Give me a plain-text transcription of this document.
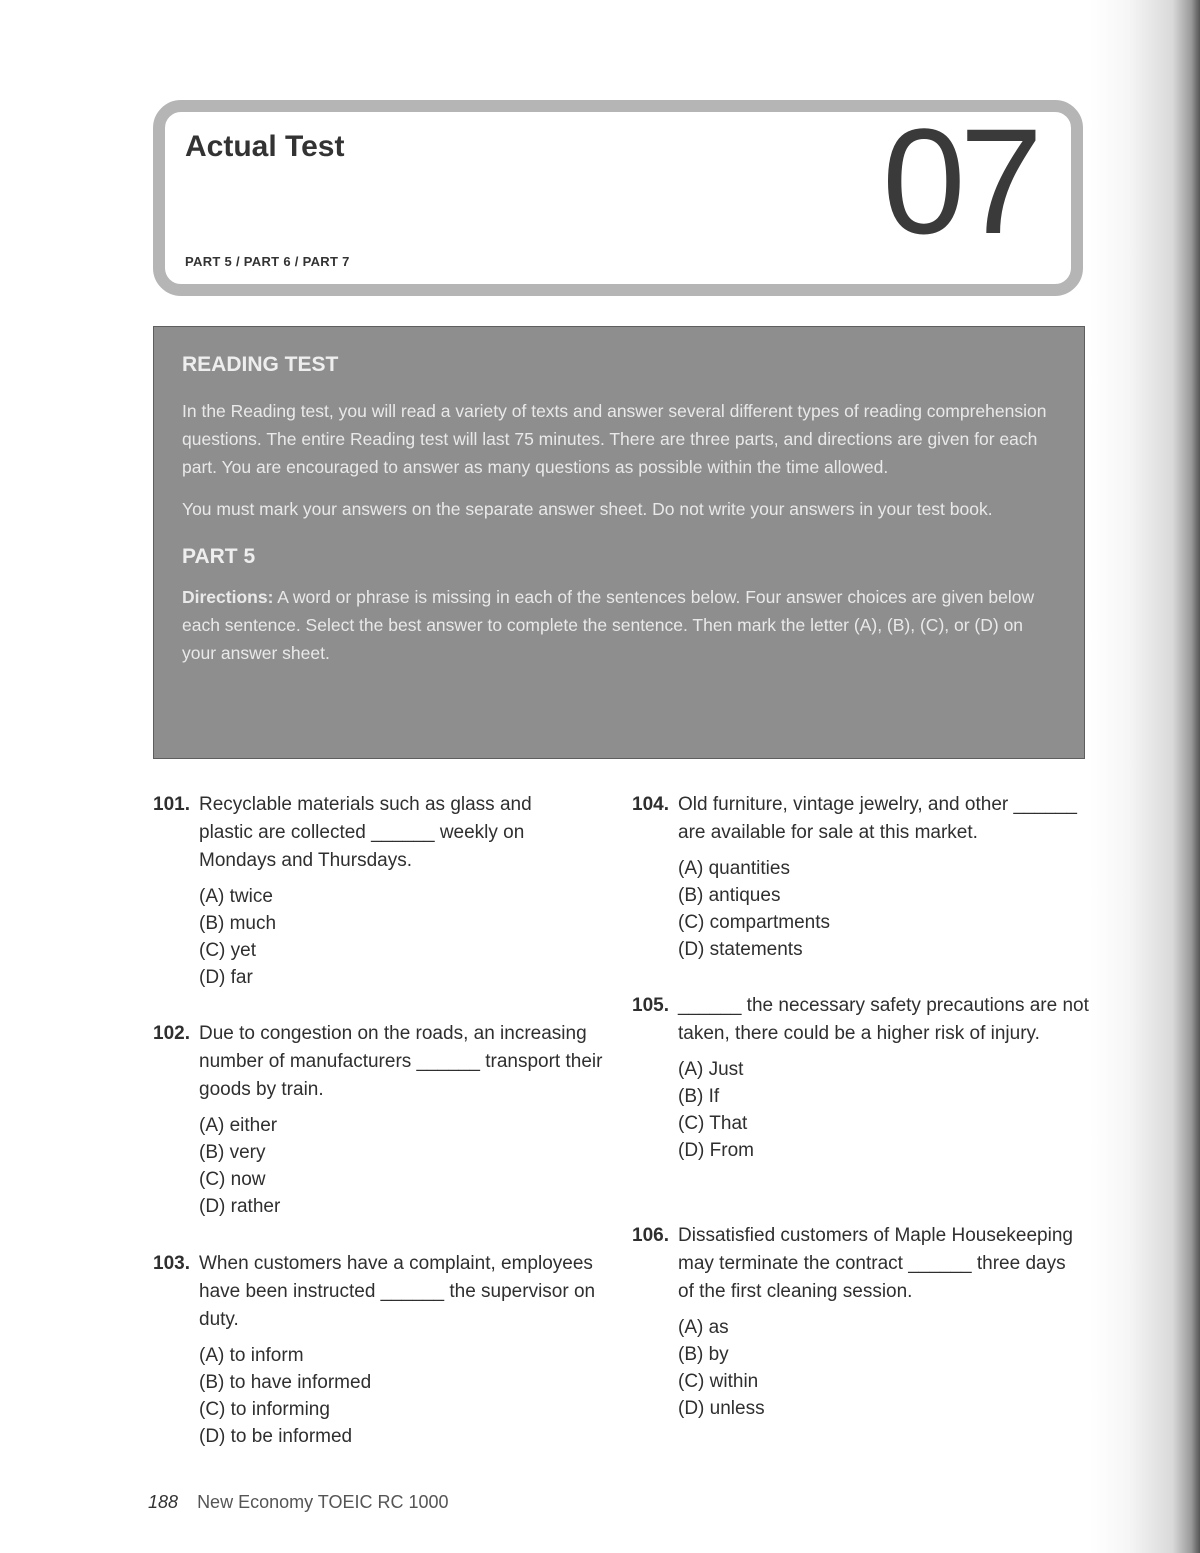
Actual Test
PART 5 / PART 6 / PART 7	07
READING TEST

In the Reading test, you will read a variety of texts and answer several different types of reading comprehension questions. The entire Reading test will last 75 minutes. There are three parts, and directions are given for each part. You are encouraged to answer as many questions as possible within the time allowed.

You must mark your answers on the separate answer sheet. Do not write your answers in your test book.

PART 5

Directions: A word or phrase is missing in each of the sentences below. Four answer choices are given below each sentence. Select the best answer to complete the sentence. Then mark the letter (A), (B), (C), or (D) on your answer sheet.

101. Recyclable materials such as glass and plastic are collected ______ weekly on Mondays and Thursdays.
(A) twice
(B) much
(C) yet
(D) far
102. Due to congestion on the roads, an increasing number of manufacturers ______ transport their goods by train.
(A) either
(B) very
(C) now
(D) rather
103. When customers have a complaint, employees have been instructed ______ the supervisor on duty.
(A) to inform
(B) to have informed
(C) to informing
(D) to be informed
104. Old furniture, vintage jewelry, and other ______ are available for sale at this market.
(A) quantities
(B) antiques
(C) compartments
(D) statements
105. ______ the necessary safety precautions are not taken, there could be a higher risk of injury.
(A) Just
(B) If
(C) That
(D) From
106. Dissatisfied customers of Maple Housekeeping may terminate the contract ______ three days of the first cleaning session.
(A) as
(B) by
(C) within
(D) unless
188 New Economy TOEIC RC 1000
